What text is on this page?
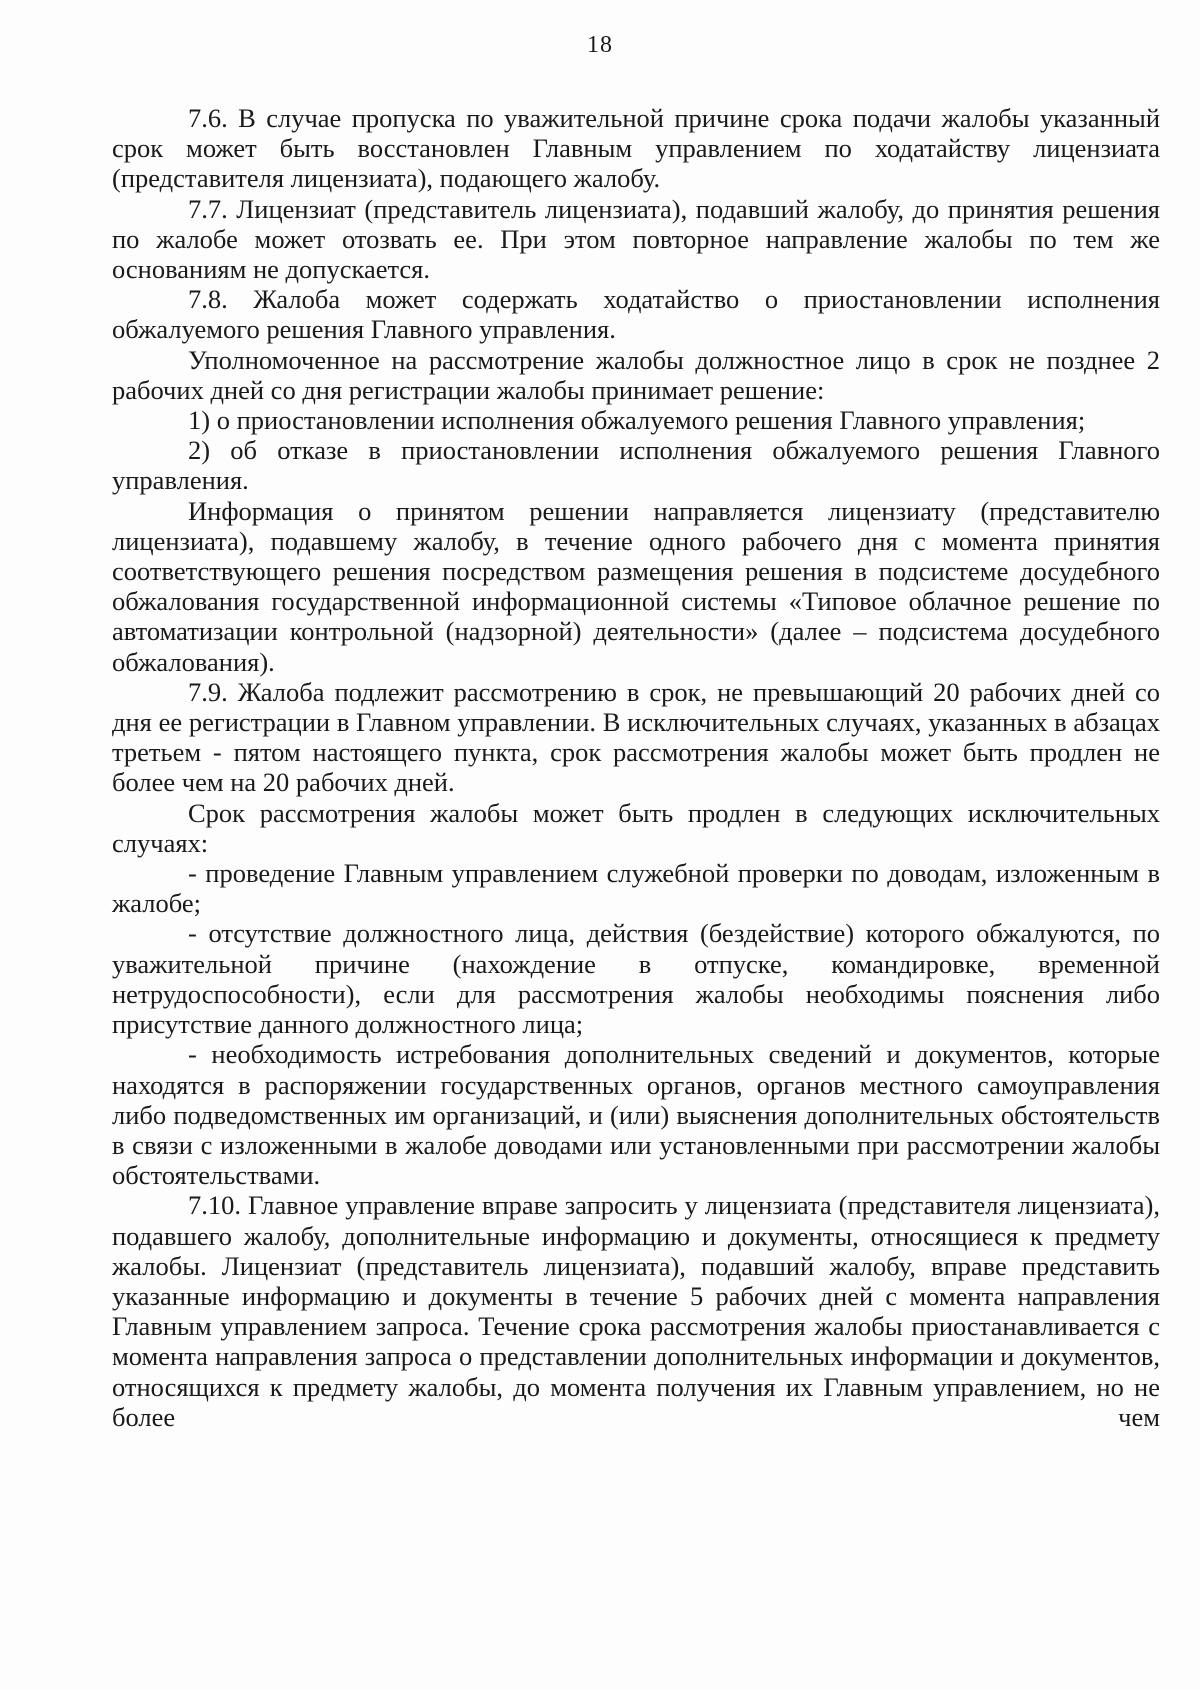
18

7.6. В случае пропуска по уважительной причине срока подачи жалобы указанный срок может быть восстановлен Главным управлением по ходатайству лицензиата (представителя лицензиата), подающего жалобу.

7.7. Лицензиат (представитель лицензиата), подавший жалобу, до принятия решения по жалобе может отозвать ее. При этом повторное направление жалобы по тем же основаниям не допускается.

7.8. Жалоба может содержать ходатайство о приостановлении исполнения обжалуемого решения Главного управления.

Уполномоченное на рассмотрение жалобы должностное лицо в срок не позднее 2 рабочих дней со дня регистрации жалобы принимает решение:

1) о приостановлении исполнения обжалуемого решения Главного управления;

2) об отказе в приостановлении исполнения обжалуемого решения Главного управления.

Информация о принятом решении направляется лицензиату (представителю лицензиата), подавшему жалобу, в течение одного рабочего дня с момента принятия соответствующего решения посредством размещения решения в подсистеме досудебного обжалования государственной информационной системы «Типовое облачное решение по автоматизации контрольной (надзорной) деятельности» (далее – подсистема досудебного обжалования).

7.9. Жалоба подлежит рассмотрению в срок, не превышающий 20 рабочих дней со дня ее регистрации в Главном управлении. В исключительных случаях, указанных в абзацах третьем - пятом настоящего пункта, срок рассмотрения жалобы может быть продлен не более чем на 20 рабочих дней.

Срок рассмотрения жалобы может быть продлен в следующих исключительных случаях:

- проведение Главным управлением служебной проверки по доводам, изложенным в жалобе;

- отсутствие должностного лица, действия (бездействие) которого обжалуются, по уважительной причине (нахождение в отпуске, командировке, временной нетрудоспособности), если для рассмотрения жалобы необходимы пояснения либо присутствие данного должностного лица;

- необходимость истребования дополнительных сведений и документов, которые находятся в распоряжении государственных органов, органов местного самоуправления либо подведомственных им организаций, и (или) выяснения дополнительных обстоятельств в связи с изложенными в жалобе доводами или установленными при рассмотрении жалобы обстоятельствами.

7.10. Главное управление вправе запросить у лицензиата (представителя лицензиата), подавшего жалобу, дополнительные информацию и документы, относящиеся к предмету жалобы. Лицензиат (представитель лицензиата), подавший жалобу, вправе представить указанные информацию и документы в течение 5 рабочих дней с момента направления Главным управлением запроса. Течение срока рассмотрения жалобы приостанавливается с момента направления запроса о представлении дополнительных информации и документов, относящихся к предмету жалобы, до момента получения их Главным управлением, но не более чем
